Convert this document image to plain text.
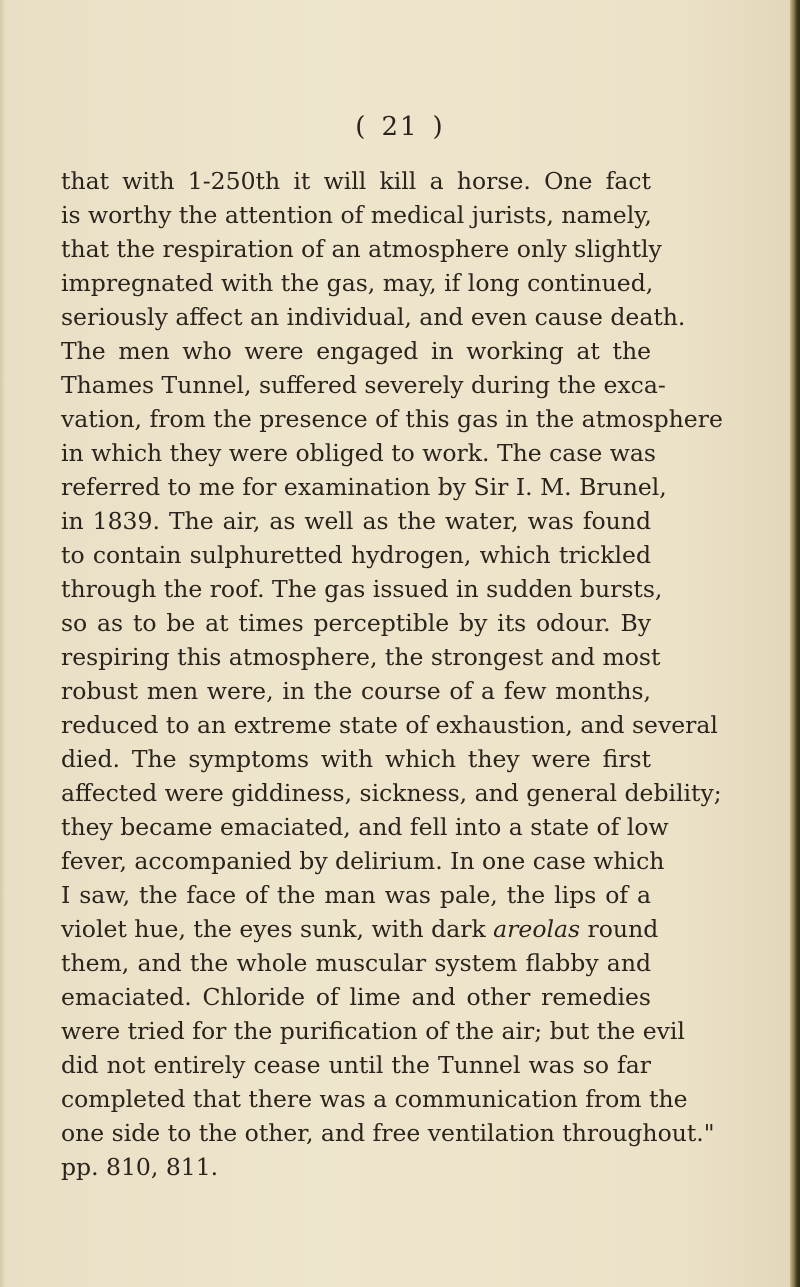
( 21 )
that with 1-250th it will kill a horse. One fact
is worthy the attention of medical jurists, namely,
that the respiration of an atmosphere only slightly
impregnated with the gas, may, if long continued,
seriously affect an individual, and even cause death.
The men who were engaged in working at the
Thames Tunnel, suffered severely during the exca-
vation, from the presence of this gas in the atmosphere
in which they were obliged to work. The case was
referred to me for examination by Sir I. M. Brunel,
in 1839. The air, as well as the water, was found
to contain sulphuretted hydrogen, which trickled
through the roof. The gas issued in sudden bursts,
so as to be at times perceptible by its odour. By
respiring this atmosphere, the strongest and most
robust men were, in the course of a few months,
reduced to an extreme state of exhaustion, and several
died. The symptoms with which they were first
affected were giddiness, sickness, and general debility;
they became emaciated, and fell into a state of low
fever, accompanied by delirium. In one case which
I saw, the face of the man was pale, the lips of a
violet hue, the eyes sunk, with dark areolas round
them, and the whole muscular system flabby and
emaciated. Chloride of lime and other remedies
were tried for the purification of the air; but the evil
did not entirely cease until the Tunnel was so far
completed that there was a communication from the
one side to the other, and free ventilation throughout."
pp. 810, 811.
